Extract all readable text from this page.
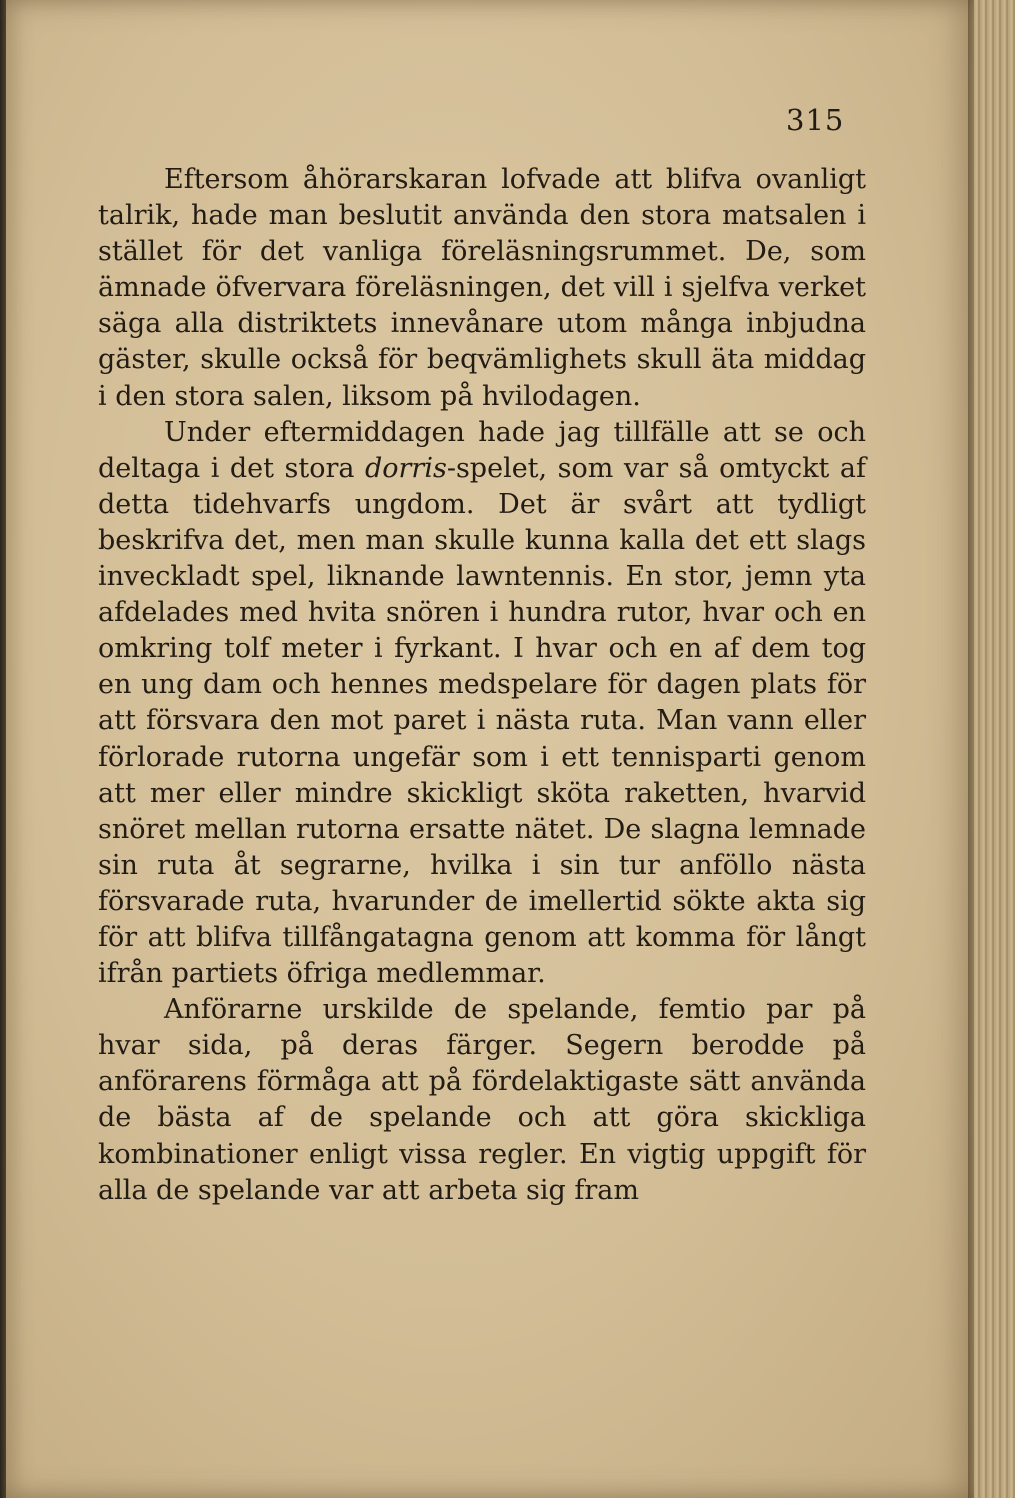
315

Eftersom åhörarskaran lofvade att blifva ovanligt talrik, hade man beslutit använda den stora matsalen i stället för det vanliga föreläsningsrummet. De, som ämnade öfvervara föreläsningen, det vill i sjelfva verket säga alla distriktets innevånare utom många inbjudna gäster, skulle också för beqvämlighets skull äta middag i den stora salen, liksom på hvilodagen.

Under eftermiddagen hade jag tillfälle att se och deltaga i det stora dorris-spelet, som var så omtyckt af detta tidehvarfs ungdom. Det är svårt att tydligt beskrifva det, men man skulle kunna kalla det ett slags inveckladt spel, liknande lawntennis. En stor, jemn yta afdelades med hvita snören i hundra rutor, hvar och en omkring tolf meter i fyrkant. I hvar och en af dem tog en ung dam och hennes medspelare för dagen plats för att försvara den mot paret i nästa ruta. Man vann eller förlorade rutorna ungefär som i ett tennisparti genom att mer eller mindre skickligt sköta raketten, hvarvid snöret mellan rutorna ersatte nätet. De slagna lemnade sin ruta åt segrarne, hvilka i sin tur anföllo nästa försvarade ruta, hvarunder de imellertid sökte akta sig för att blifva tillfångatagna genom att komma för långt ifrån partiets öfriga medlemmar.

Anförarne urskilde de spelande, femtio par på hvar sida, på deras färger. Segern berodde på anförarens förmåga att på fördelaktigaste sätt använda de bästa af de spelande och att göra skickliga kombinationer enligt vissa regler. En vigtig uppgift för alla de spelande var att arbeta sig fram
